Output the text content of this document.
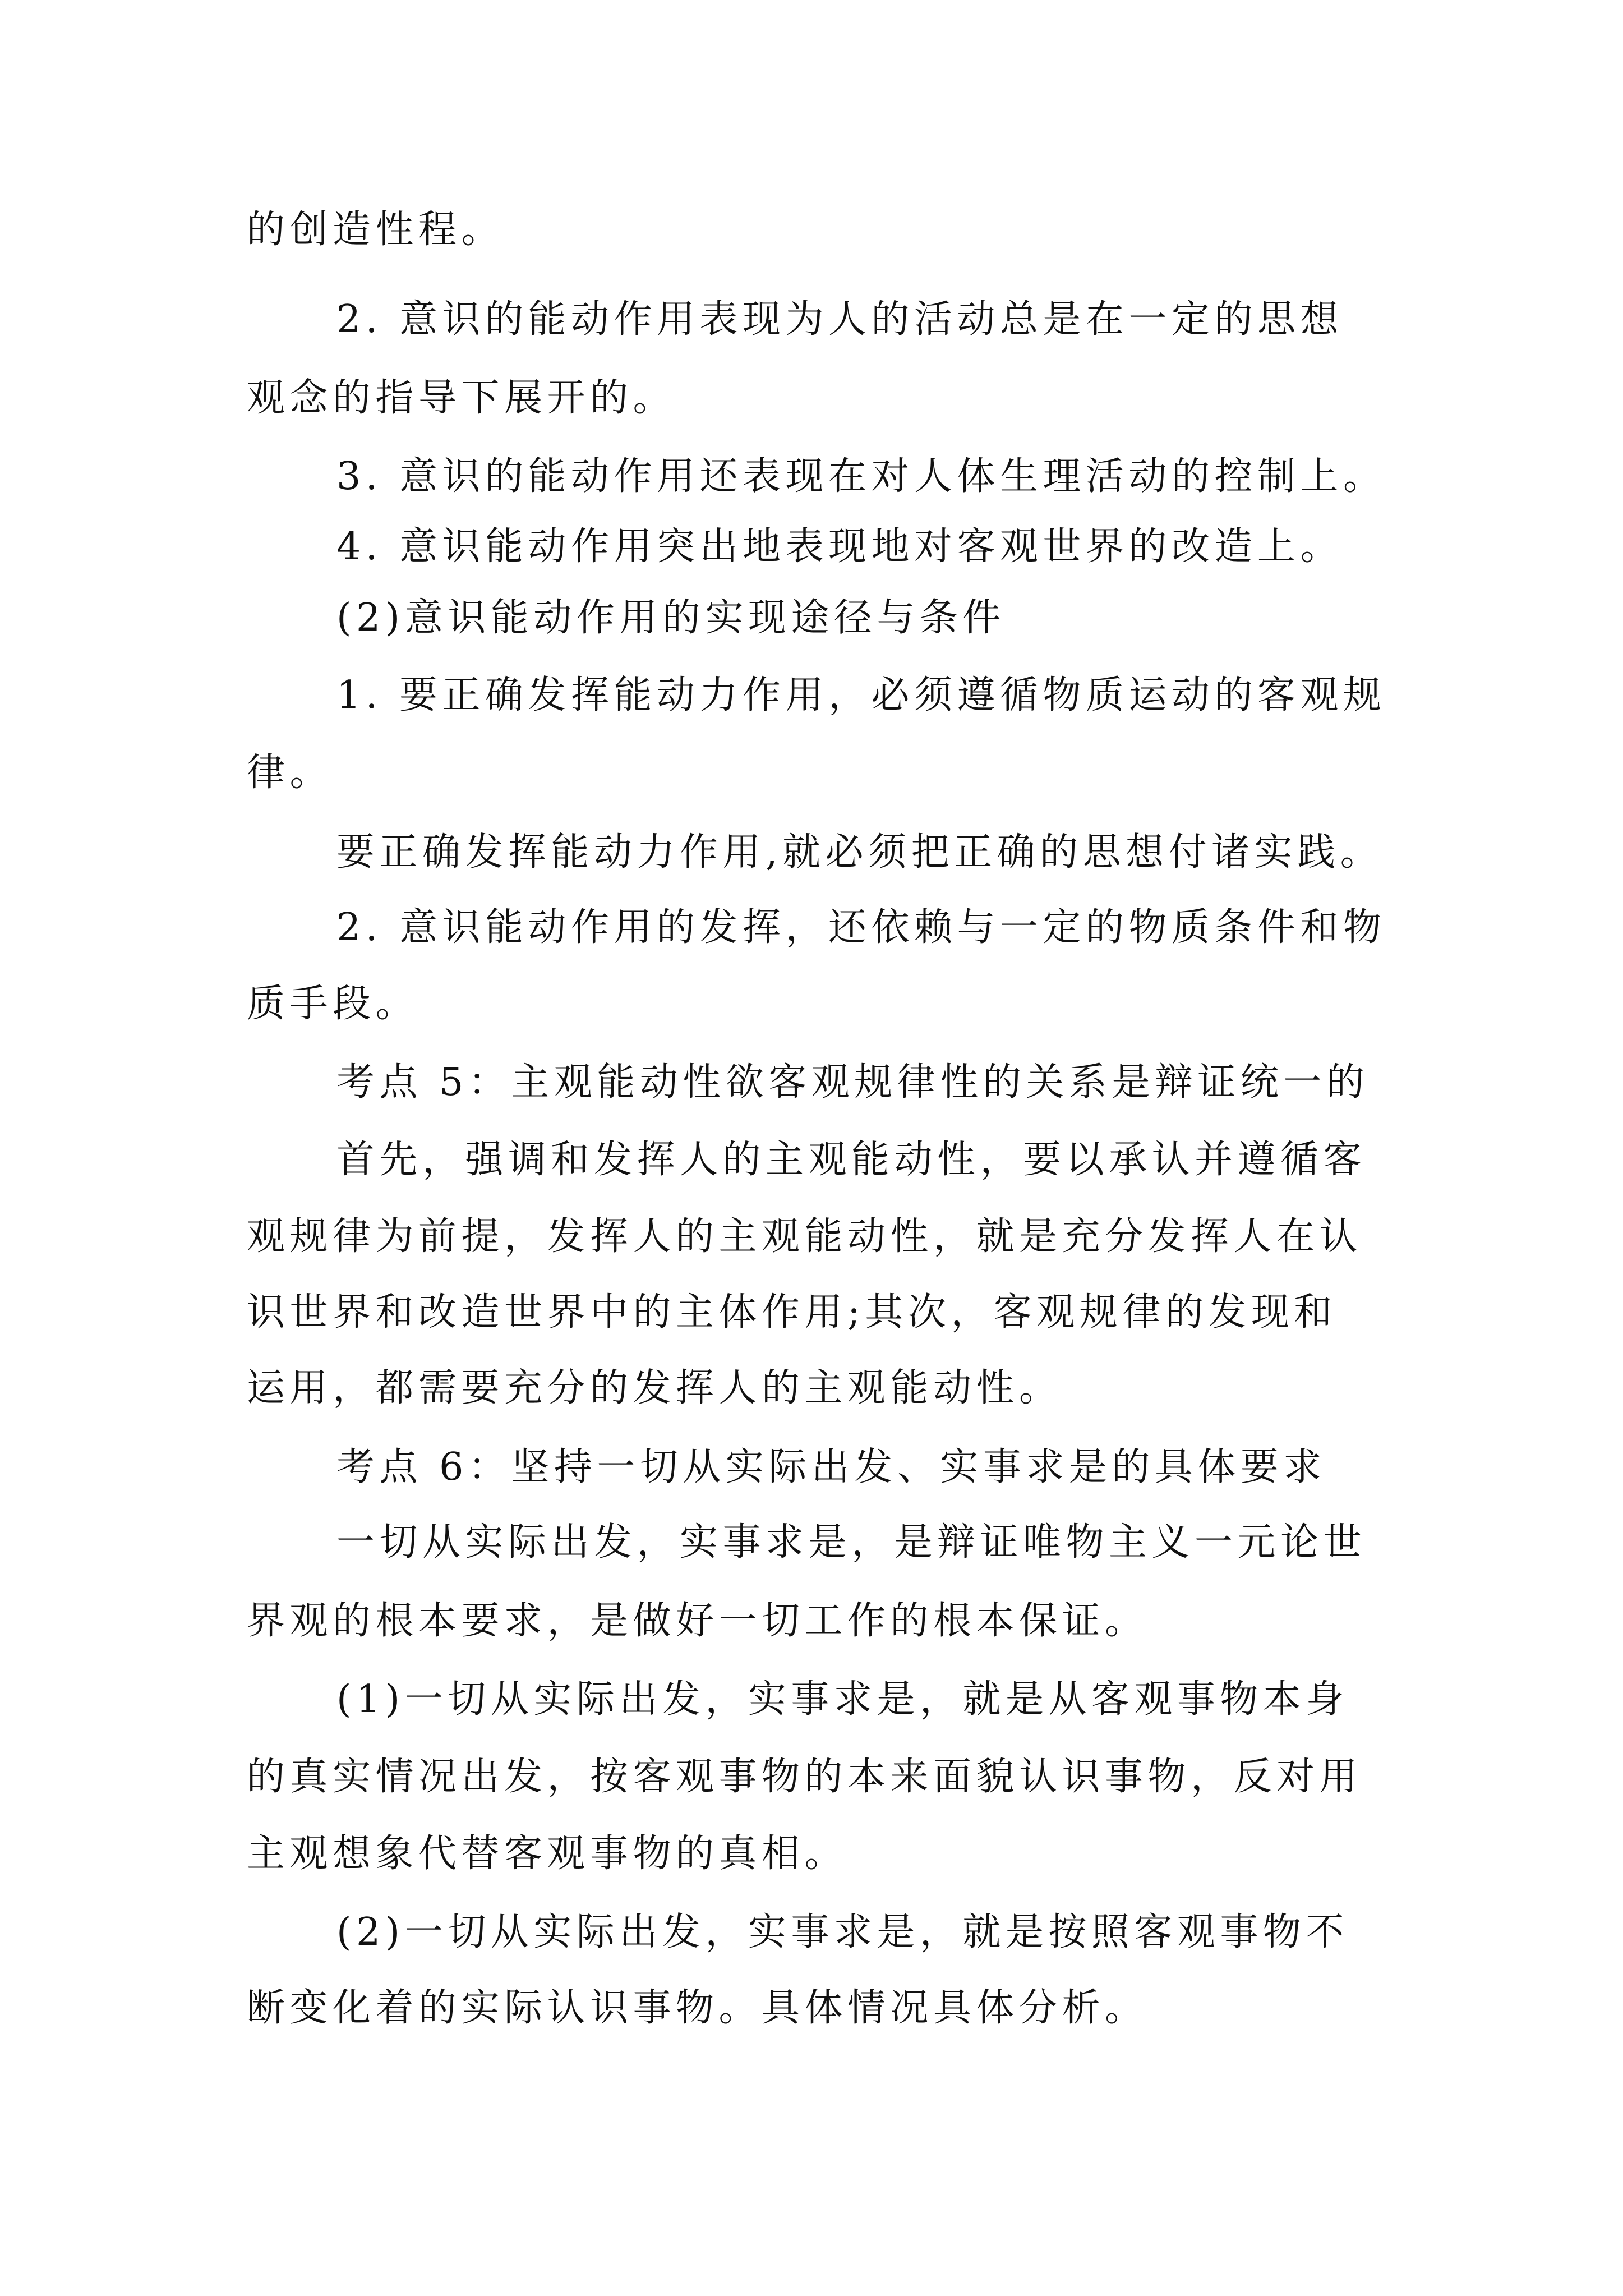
的创造性程。
2. 意识的能动作用表现为人的活动总是在一定的思想
观念的指导下展开的。
3. 意识的能动作用还表现在对人体生理活动的控制上。
4. 意识能动作用突出地表现地对客观世界的改造上。
(2)意识能动作用的实现途径与条件
1. 要正确发挥能动力作用，必须遵循物质运动的客观规
律。
要正确发挥能动力作用,就必须把正确的思想付诸实践。
2. 意识能动作用的发挥，还依赖与一定的物质条件和物
质手段。
考点 5：主观能动性欲客观规律性的关系是辩证统一的
首先，强调和发挥人的主观能动性，要以承认并遵循客
观规律为前提，发挥人的主观能动性，就是充分发挥人在认
识世界和改造世界中的主体作用;其次，客观规律的发现和
运用，都需要充分的发挥人的主观能动性。
考点 6：坚持一切从实际出发、实事求是的具体要求
一切从实际出发，实事求是，是辩证唯物主义一元论世
界观的根本要求，是做好一切工作的根本保证。
(1)一切从实际出发，实事求是，就是从客观事物本身
的真实情况出发，按客观事物的本来面貌认识事物，反对用
主观想象代替客观事物的真相。
(2)一切从实际出发，实事求是，就是按照客观事物不
断变化着的实际认识事物。具体情况具体分析。
